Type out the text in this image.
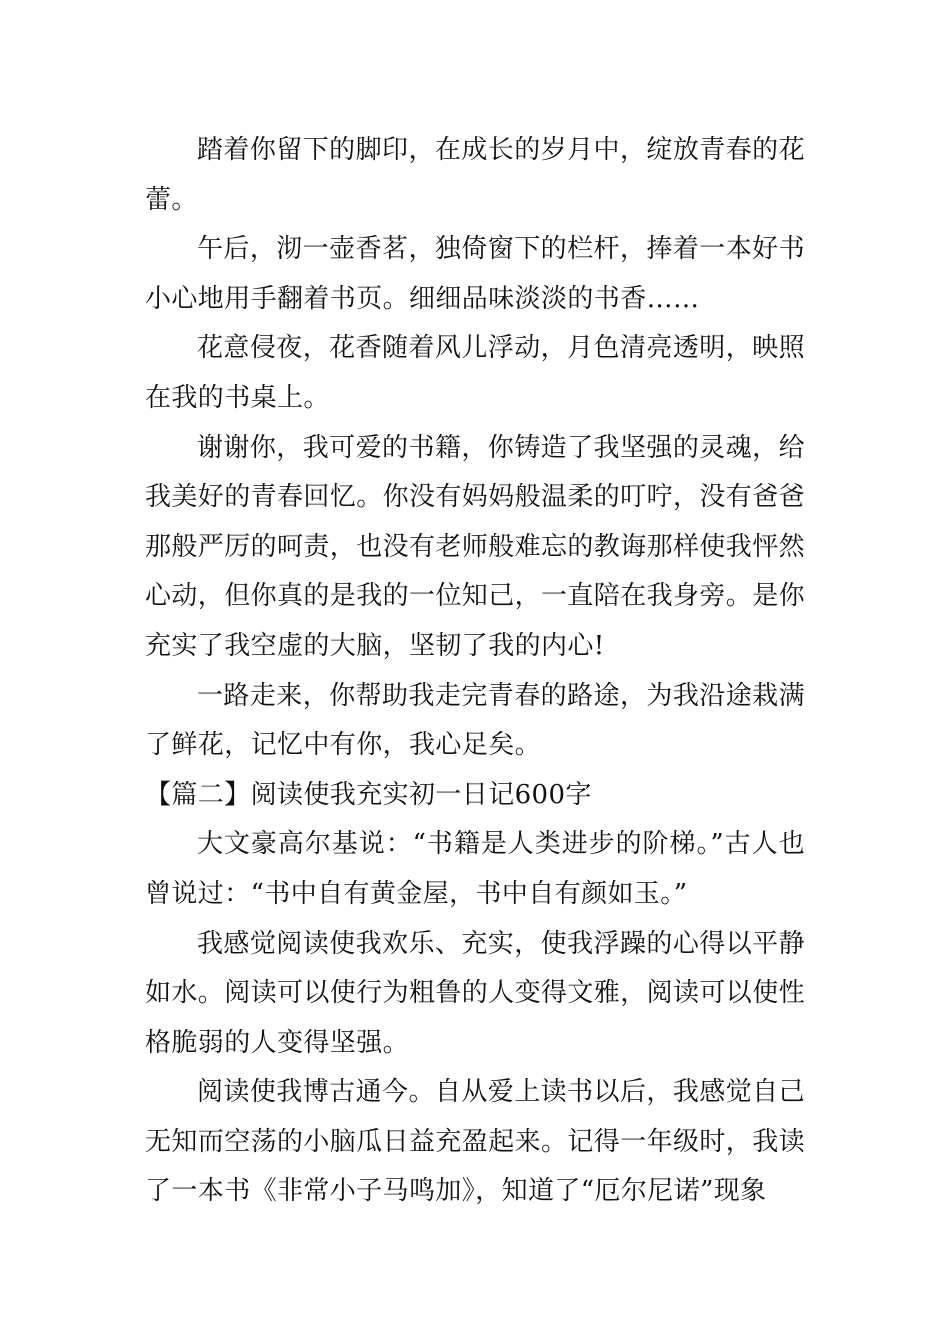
踏着你留下的脚印，在成长的岁月中，绽放青春的花蕾。

午后，沏一壶香茗，独倚窗下的栏杆，捧着一本好书小心地用手翻着书页。细细品味淡淡的书香……

花意侵夜，花香随着风儿浮动，月色清亮透明，映照在我的书桌上。

谢谢你，我可爱的书籍，你铸造了我坚强的灵魂，给我美好的青春回忆。你没有妈妈般温柔的叮咛，没有爸爸那般严厉的呵责，也没有老师般难忘的教诲那样使我怦然心动，但你真的是我的一位知己，一直陪在我身旁。是你充实了我空虚的大脑，坚韧了我的内心!

一路走来，你帮助我走完青春的路途，为我沿途栽满了鲜花，记忆中有你，我心足矣。

【篇二】阅读使我充实初一日记600字

大文豪高尔基说：“书籍是人类进步的阶梯。”古人也曾说过：“书中自有黄金屋，书中自有颜如玉。”

我感觉阅读使我欢乐、充实，使我浮躁的心得以平静如水。阅读可以使行为粗鲁的人变得文雅，阅读可以使性格脆弱的人变得坚强。

阅读使我博古通今。自从爱上读书以后，我感觉自己无知而空荡的小脑瓜日益充盈起来。记得一年级时，我读了一本书《非常小子马鸣加》，知道了“厄尔尼诺”现象
